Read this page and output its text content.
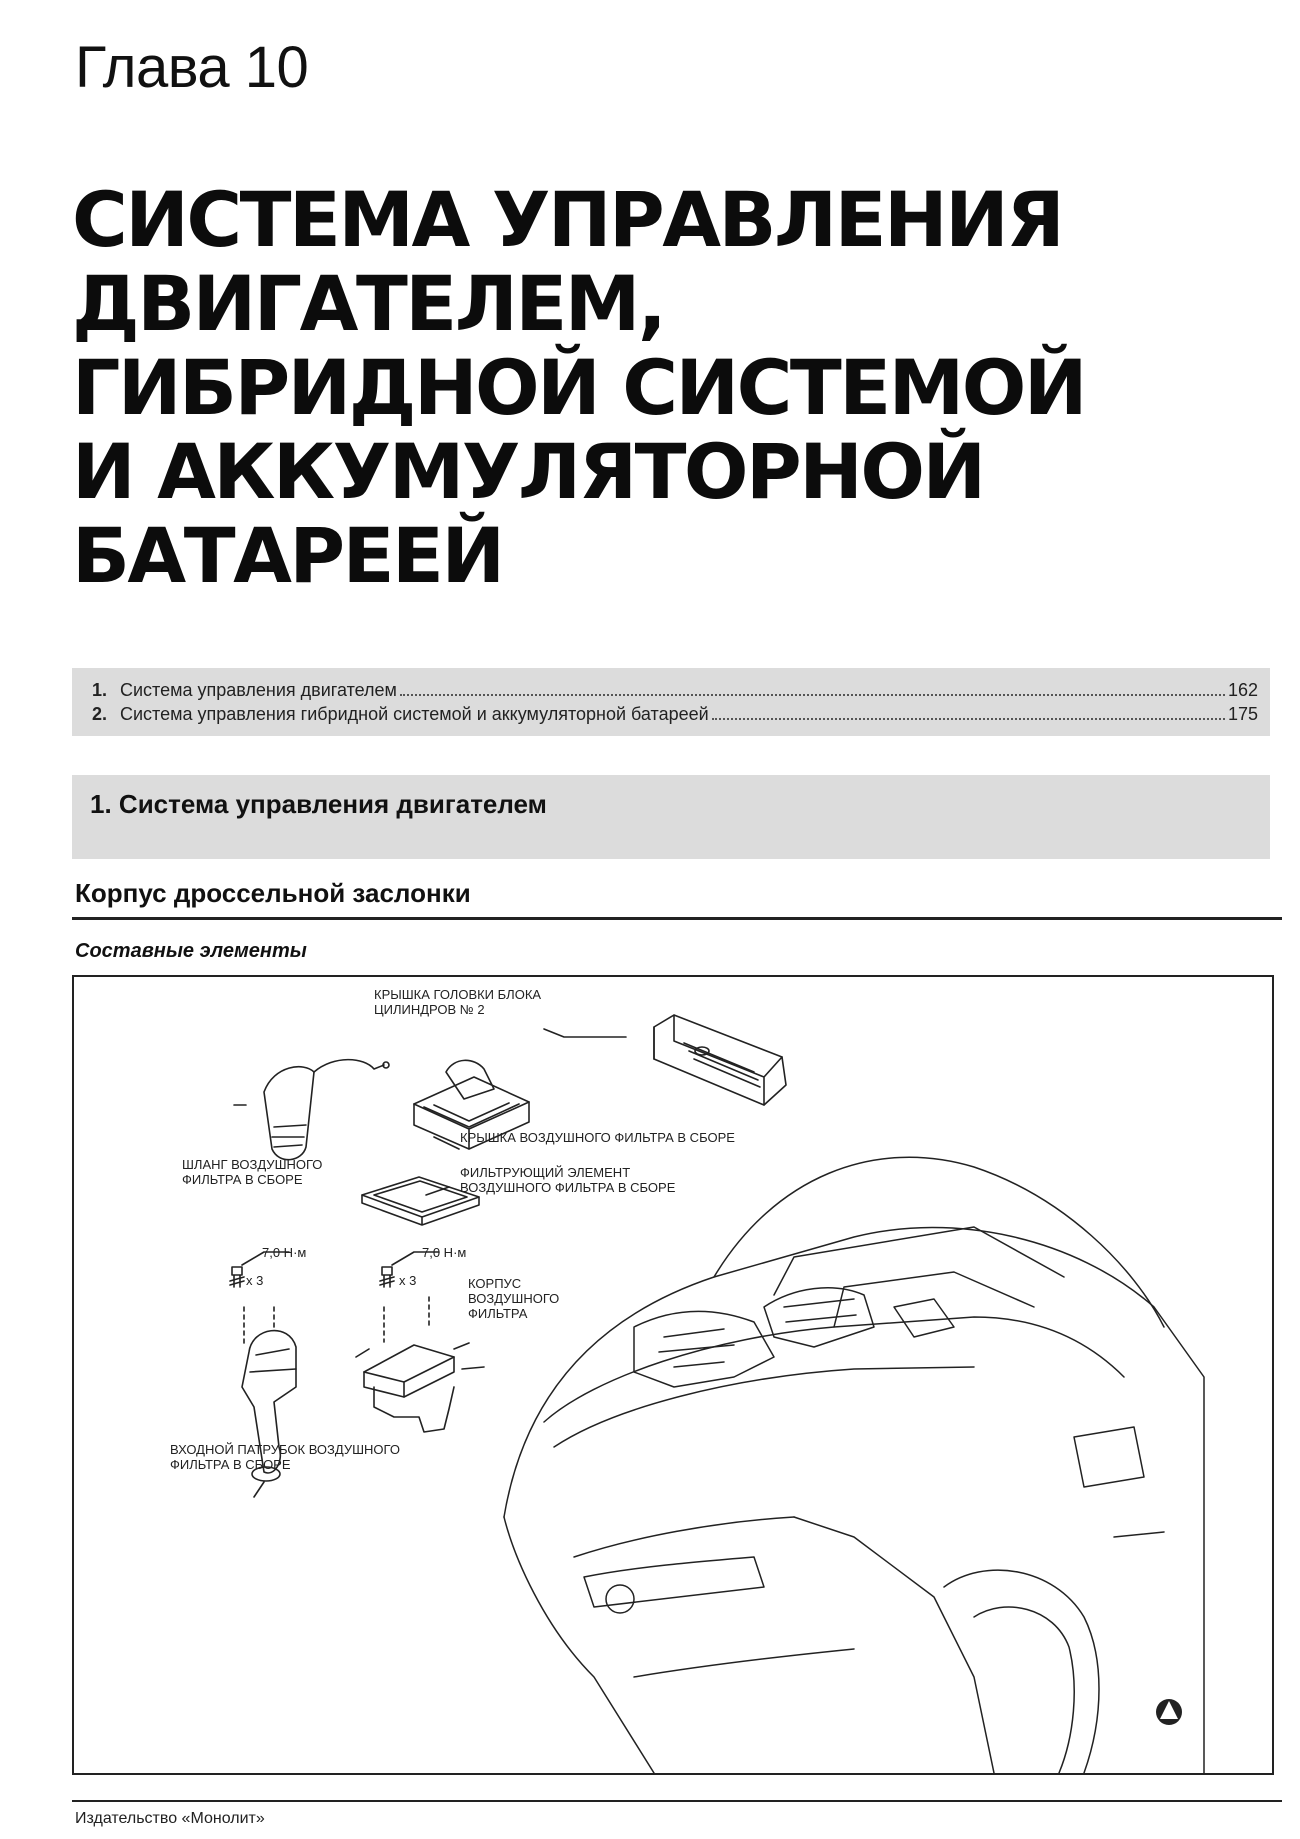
Глава 10
СИСТЕМА УПРАВЛЕНИЯ
ДВИГАТЕЛЕМ,
ГИБРИДНОЙ СИСТЕМОЙ
И АККУМУЛЯТОРНОЙ
БАТАРЕЕЙ
1. Система управления двигателем	162
2. Система управления гибридной системой и аккумуляторной батареей	175
1. Система управления двигателем
Корпус дроссельной заслонки
Составные элементы
КРЫШКА ГОЛОВКИ БЛОКА
ЦИЛИНДРОВ № 2
КРЫШКА ВОЗДУШНОГО ФИЛЬТРА В СБОРЕ
ШЛАНГ ВОЗДУШНОГО
ФИЛЬТРА В СБОРЕ	ФИЛЬТРУЮЩИЙ ЭЛЕМЕНТ
ВОЗДУШНОГО ФИЛЬТРА В СБОРЕ
7,0 Н·м
x 3
7,0 Н·м
x 3	КОРПУС
ВОЗДУШНОГО
ФИЛЬТРА
ВХОДНОЙ ПАТРУБОК ВОЗДУШНОГО
ФИЛЬТРА В СБОРЕ
Издательство «Монолит»
